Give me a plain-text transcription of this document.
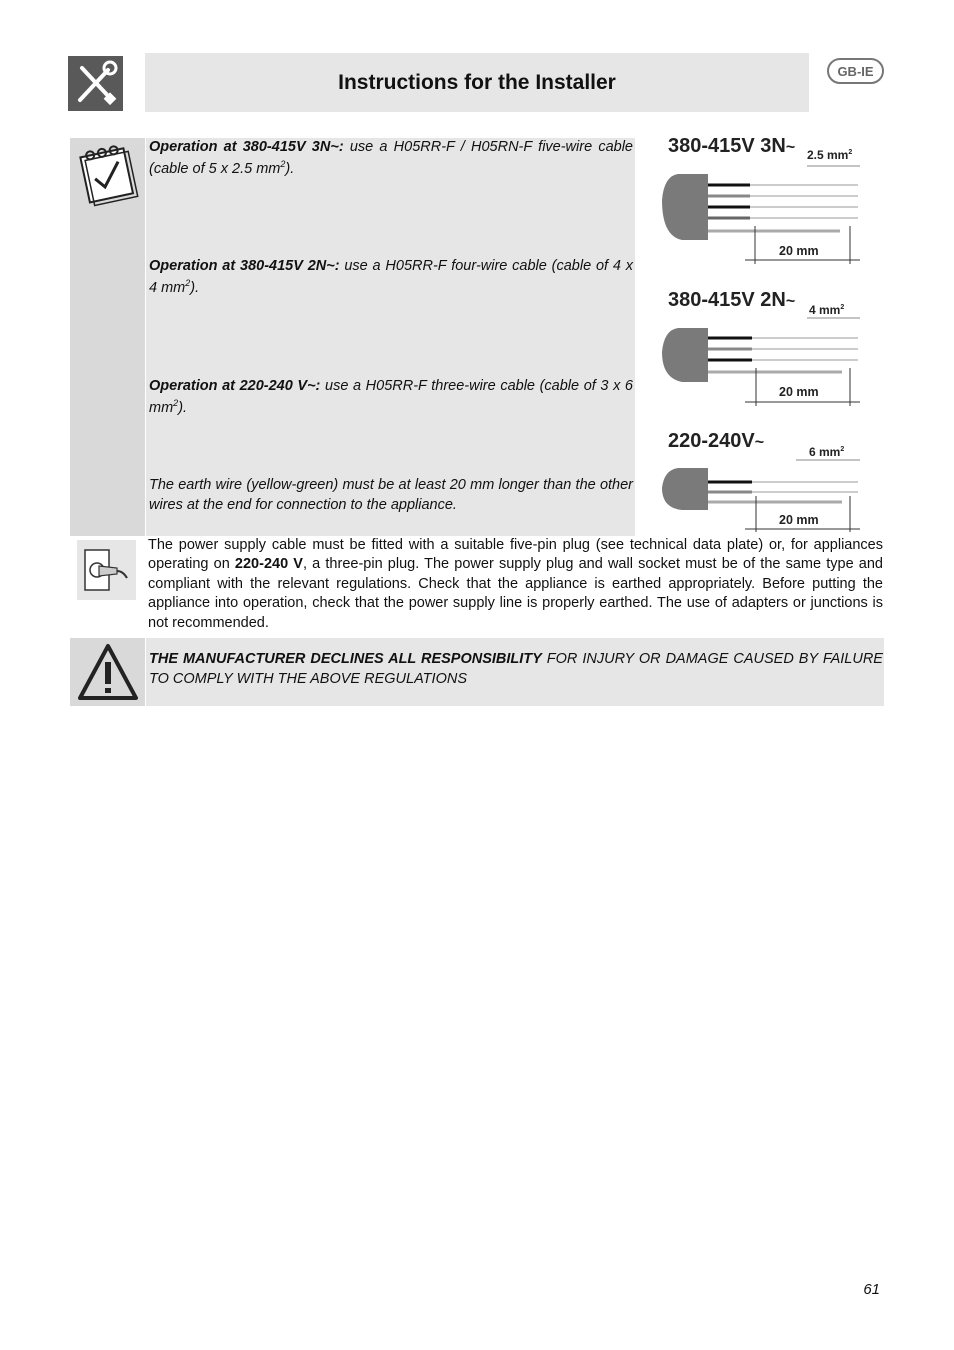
Instructions for the Installer	GB-IE

Operation at 380-415V 3N~: use a H05RR-F / H05RN-F five-wire cable (cable of 5 x 2.5 $mm^2$).

Operation at 380-415V 2N~: use a H05RR-F four-wire cable (cable of 4 x 4 $mm^2$).

Operation at 220-240 V~: use a H05RR-F three-wire cable (cable of 3 x 6 $mm^2$).

The earth wire (yellow-green) must be at least 20 mm longer than the other wires at the end for connection to the appliance.

380-415V 3N~ 2.5 $mm^2$
20 mm
380-415V 2N~ 4 $mm^2$
20 mm
220-240V~
6 $mm^2$
20 mm

The power supply cable must be fitted with a suitable five-pin plug (see technical data plate) or, for appliances operating on 220-240 V, a three-pin plug. The power supply plug and wall socket must be of the same type and compliant with the relevant regulations. Check that the appliance is earthed appropriately. Before putting the appliance into operation, check that the power supply line is properly earthed. The use of adapters or junctions is not recommended.

THE MANUFACTURER DECLINES ALL RESPONSIBILITY FOR INJURY OR DAMAGE CAUSED BY FAILURE TO COMPLY WITH THE ABOVE REGULATIONS

61
